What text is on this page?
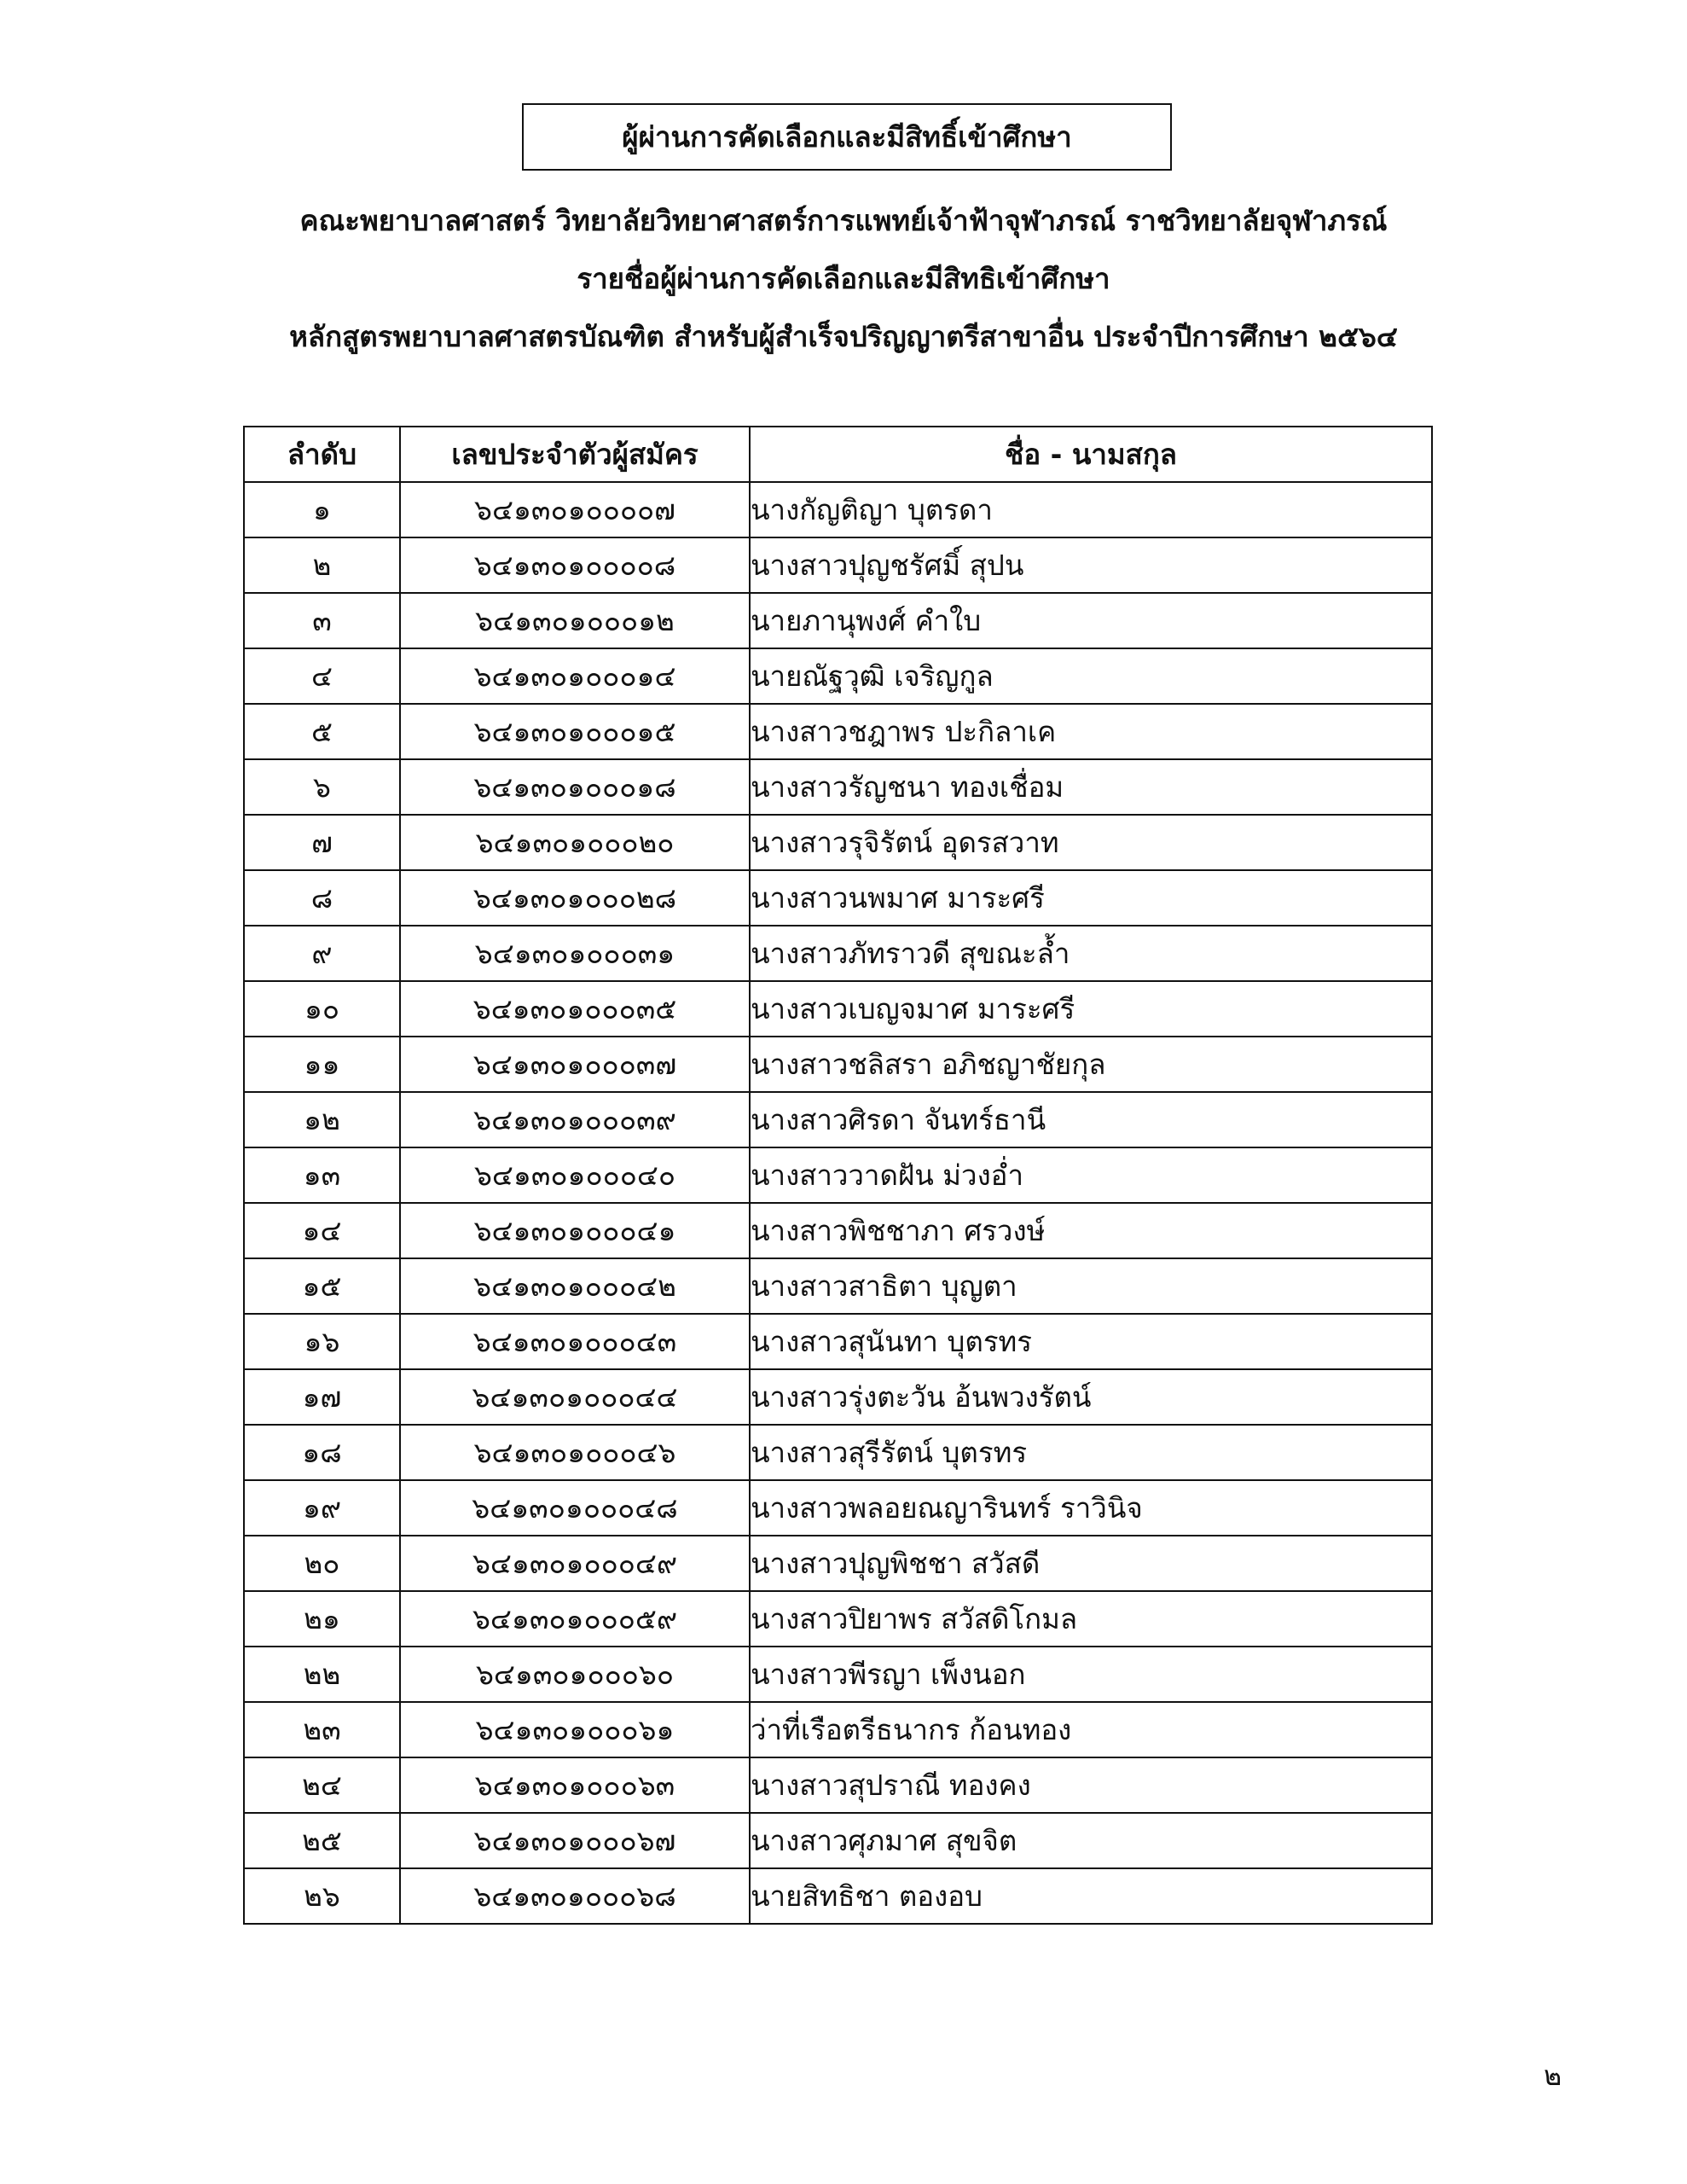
ผู้ผ่านการคัดเลือกและมีสิทธิ์เข้าศึกษา
คณะพยาบาลศาสตร์ วิทยาลัยวิทยาศาสตร์การแพทย์เจ้าฟ้าจุฬาภรณ์ ราชวิทยาลัยจุฬาภรณ์
รายชื่อผู้ผ่านการคัดเลือกและมีสิทธิเข้าศึกษา
หลักสูตรพยาบาลศาสตรบัณฑิต สำหรับผู้สำเร็จปริญญาตรีสาขาอื่น ประจำปีการศึกษา ๒๕๖๔
ลำดับ	เลขประจำตัวผู้สมัคร	ชื่อ - นามสกุล
๑	๖๔๑๓๐๑๐๐๐๐๗	นางกัญติญา บุตรดา
๒	๖๔๑๓๐๑๐๐๐๐๘	นางสาวปุญชรัศมิ์ สุปน
๓	๖๔๑๓๐๑๐๐๐๑๒	นายภานุพงศ์ คำใบ
๔	๖๔๑๓๐๑๐๐๐๑๔	นายณัฐวุฒิ เจริญกูล
๕	๖๔๑๓๐๑๐๐๐๑๕	นางสาวชฎาพร ปะกิลาเค
๖	๖๔๑๓๐๑๐๐๐๑๘	นางสาวรัญชนา ทองเชื่อม
๗	๖๔๑๓๐๑๐๐๐๒๐	นางสาวรุจิรัตน์ อุดรสวาท
๘	๖๔๑๓๐๑๐๐๐๒๘	นางสาวนพมาศ มาระศรี
๙	๖๔๑๓๐๑๐๐๐๓๑	นางสาวภัทราวดี สุขณะล้ำ
๑๐	๖๔๑๓๐๑๐๐๐๓๕	นางสาวเบญจมาศ มาระศรี
๑๑	๖๔๑๓๐๑๐๐๐๓๗	นางสาวชลิสรา อภิชญาชัยกุล
๑๒	๖๔๑๓๐๑๐๐๐๓๙	นางสาวศิรดา จันทร์ธานี
๑๓	๖๔๑๓๐๑๐๐๐๔๐	นางสาววาดฝัน ม่วงอ่ำ
๑๔	๖๔๑๓๐๑๐๐๐๔๑	นางสาวพิชชาภา ศรวงษ์
๑๕	๖๔๑๓๐๑๐๐๐๔๒	นางสาวสาธิตา บุญตา
๑๖	๖๔๑๓๐๑๐๐๐๔๓	นางสาวสุนันทา บุตรทร
๑๗	๖๔๑๓๐๑๐๐๐๔๔	นางสาวรุ่งตะวัน อ้นพวงรัตน์
๑๘	๖๔๑๓๐๑๐๐๐๔๖	นางสาวสุรีรัตน์ บุตรทร
๑๙	๖๔๑๓๐๑๐๐๐๔๘	นางสาวพลอยณญารินทร์ ราวินิจ
๒๐	๖๔๑๓๐๑๐๐๐๔๙	นางสาวปุญพิชชา สวัสดี
๒๑	๖๔๑๓๐๑๐๐๐๕๙	นางสาวปิยาพร สวัสดิโกมล
๒๒	๖๔๑๓๐๑๐๐๐๖๐	นางสาวพีรญา เพ็งนอก
๒๓	๖๔๑๓๐๑๐๐๐๖๑	ว่าที่เรือตรีธนากร ก้อนทอง
๒๔	๖๔๑๓๐๑๐๐๐๖๓	นางสาวสุปราณี ทองคง
๒๕	๖๔๑๓๐๑๐๐๐๖๗	นางสาวศุภมาศ สุขจิต
๒๖	๖๔๑๓๐๑๐๐๐๖๘	นายสิทธิชา ตองอบ
๒
